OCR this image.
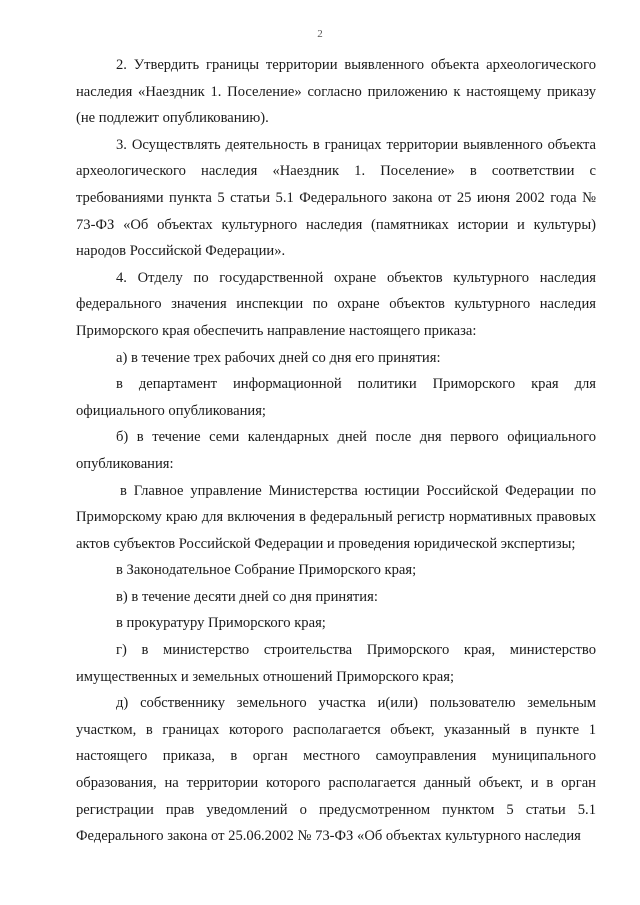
2

2. Утвердить границы территории выявленного объекта археологического наследия «Наездник 1. Поселение» согласно приложению к настоящему приказу (не подлежит опубликованию).

3. Осуществлять деятельность в границах территории выявленного объекта археологического наследия «Наездник 1. Поселение» в соответствии с требованиями пункта 5 статьи 5.1 Федерального закона от 25 июня 2002 года № 73-ФЗ «Об объектах культурного наследия (памятниках истории и культуры) народов Российской Федерации».

4. Отделу по государственной охране объектов культурного наследия федерального значения инспекции по охране объектов культурного наследия Приморского края обеспечить направление настоящего приказа:

а) в течение трех рабочих дней со дня его принятия:

в департамент информационной политики Приморского края для официального опубликования;

б) в течение семи календарных дней после дня первого официального опубликования:

в Главное управление Министерства юстиции Российской Федерации по Приморскому краю для включения в федеральный регистр нормативных правовых актов субъектов Российской Федерации и проведения юридической экспертизы;

в Законодательное Собрание Приморского края;

в) в течение десяти дней со дня принятия:

в прокуратуру Приморского края;

г) в министерство строительства Приморского края, министерство имущественных и земельных отношений Приморского края;

д) собственнику земельного участка и(или) пользователю земельным участком, в границах которого располагается объект, указанный в пункте 1 настоящего приказа, в орган местного самоуправления муниципального образования, на территории которого располагается данный объект, и в орган регистрации прав уведомлений о предусмотренном пунктом 5 статьи 5.1 Федерального закона от 25.06.2002 № 73-ФЗ «Об объектах культурного наследия
